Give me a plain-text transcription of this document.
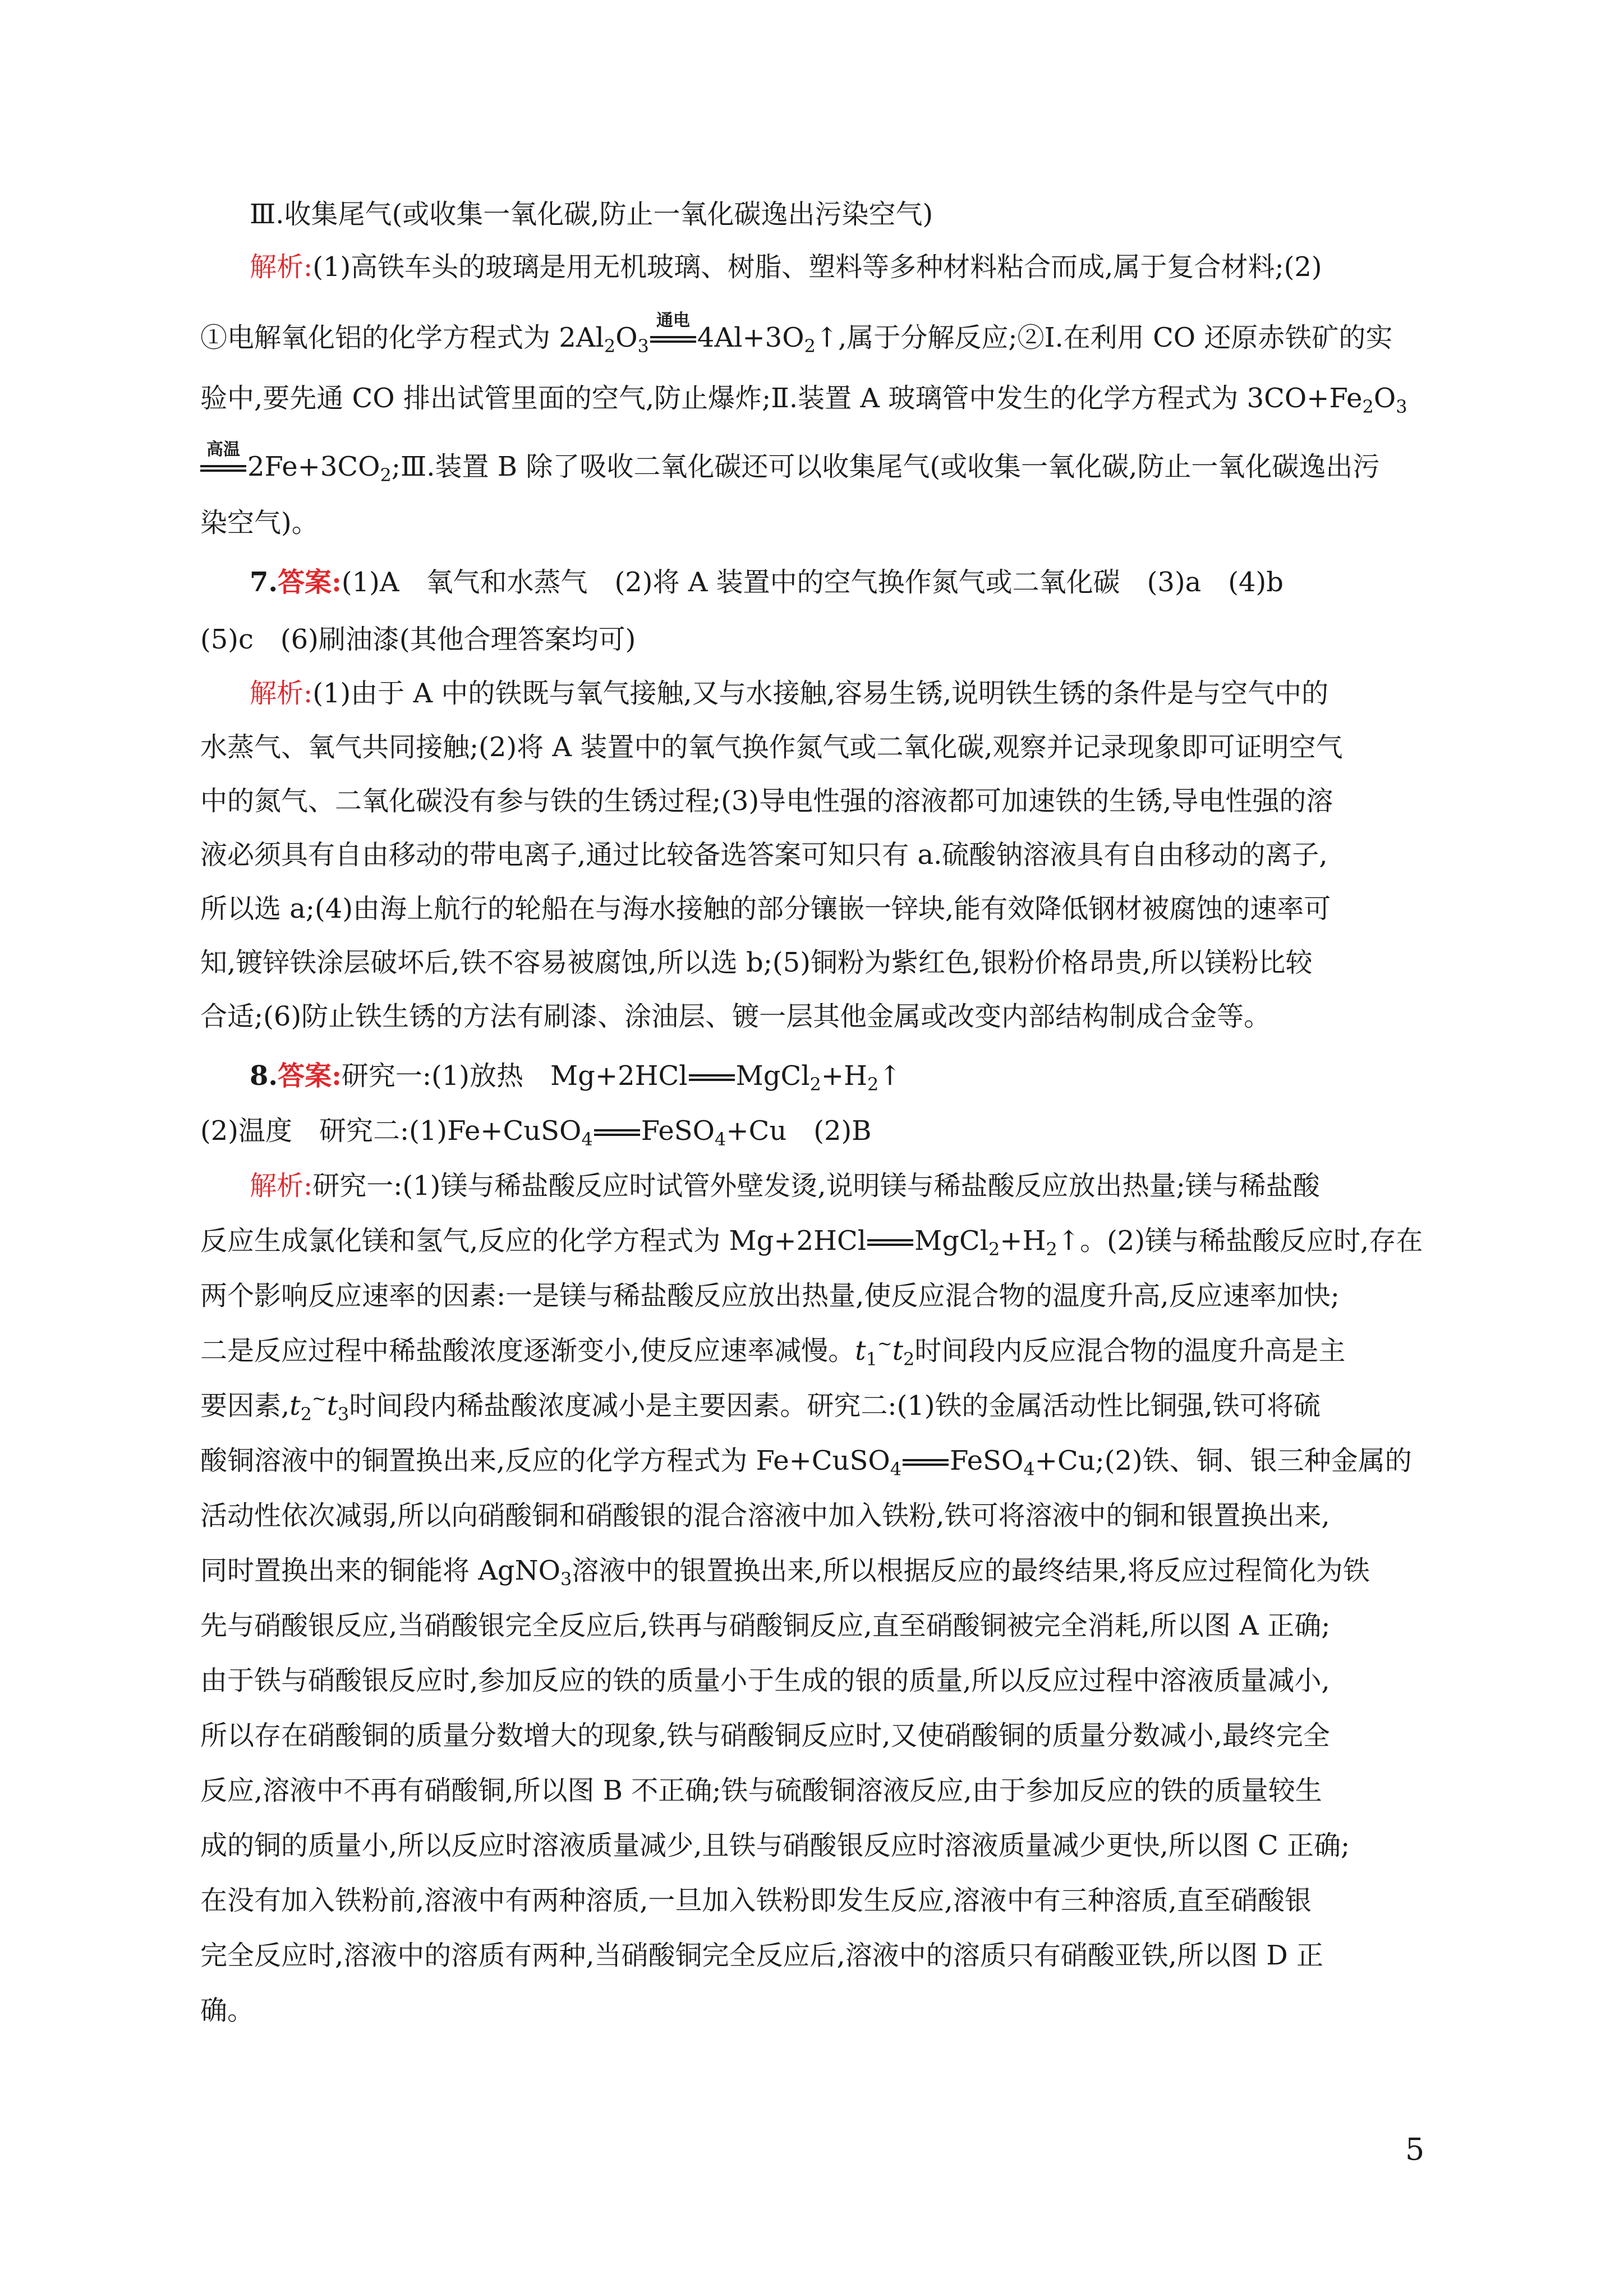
Ⅲ.收集尾气(或收集一氧化碳,防止一氧化碳逸出污染空气)
解析:(1)高铁车头的玻璃是用无机玻璃、树脂、塑料等多种材料粘合而成,属于复合材料;(2)
①电解氧化铝的化学方程式为 $2Al_2O_3$
通电
$4Al+3O_2↑$,属于分解反应;②Ⅰ.在利用 CO 还原赤铁矿的实
验中,要先通 CO 排出试管里面的空气,防止爆炸;Ⅱ.装置 A 玻璃管中发生的化学方程式为 $3CO+Fe_2O_3$
高温
$2Fe+3CO_2;Ⅲ$.装置 B 除了吸收二氧化碳还可以收集尾气(或收集一氧化碳,防止一氧化碳逸出污
染空气)。
7.答案:(1)A　氧气和水蒸气　(2)将 A 装置中的空气换作氮气或二氧化碳　(3)a　(4)b
(5)c　(6)刷油漆(其他合理答案均可)
解析:(1)由于 A 中的铁既与氧气接触,又与水接触,容易生锈,说明铁生锈的条件是与空气中的
水蒸气、氧气共同接触;(2)将 A 装置中的氧气换作氮气或二氧化碳,观察并记录现象即可证明空气
中的氮气、二氧化碳没有参与铁的生锈过程;(3)导电性强的溶液都可加速铁的生锈,导电性强的溶
液必须具有自由移动的带电离子,通过比较备选答案可知只有 a.硫酸钠溶液具有自由移动的离子,
所以选 a;(4)由海上航行的轮船在与海水接触的部分镶嵌一锌块,能有效降低钢材被腐蚀的速率可
知,镀锌铁涂层破坏后,铁不容易被腐蚀,所以选 b;(5)铜粉为紫红色,银粉价格昂贵,所以镁粉比较
合适;(6)防止铁生锈的方法有刷漆、涂油层、镀一层其他金属或改变内部结构制成合金等。
8.答案:研究一:(1)放热　Mg+2HCl $MgCl_2+H_2↑$
(2)温度　研究二:(1)Fe+CuSO$_4$ FeSO$_4$+Cu　(2)B
解析:研究一:(1)镁与稀盐酸反应时试管外壁发烫,说明镁与稀盐酸反应放出热量;镁与稀盐酸
反应生成氯化镁和氢气,反应的化学方程式为 Mg+2HCl $MgCl_2+H_2↑$。(2)镁与稀盐酸反应时,存在
两个影响反应速率的因素:一是镁与稀盐酸反应放出热量,使反应混合物的温度升高,反应速率加快;
二是反应过程中稀盐酸浓度逐渐变小,使反应速率减慢。$t_1^\sim t_2$时间段内反应混合物的温度升高是主
要因素$,t_2^\sim t_3$时间段内稀盐酸浓度减小是主要因素。研究二:(1)铁的金属活动性比铜强,铁可将硫
酸铜溶液中的铜置换出来,反应的化学方程式为 Fe+CuSO$_4$ FeSO$_4$+Cu;(2)铁、铜、银三种金属的
活动性依次减弱,所以向硝酸铜和硝酸银的混合溶液中加入铁粉,铁可将溶液中的铜和银置换出来,
同时置换出来的铜能将 AgNO$_3$溶液中的银置换出来,所以根据反应的最终结果,将反应过程简化为铁
先与硝酸银反应,当硝酸银完全反应后,铁再与硝酸铜反应,直至硝酸铜被完全消耗,所以图 A 正确;
由于铁与硝酸银反应时,参加反应的铁的质量小于生成的银的质量,所以反应过程中溶液质量减小,
所以存在硝酸铜的质量分数增大的现象,铁与硝酸铜反应时,又使硝酸铜的质量分数减小,最终完全
反应,溶液中不再有硝酸铜,所以图 B 不正确;铁与硫酸铜溶液反应,由于参加反应的铁的质量较生
成的铜的质量小,所以反应时溶液质量减少,且铁与硝酸银反应时溶液质量减少更快,所以图 C 正确;
在没有加入铁粉前,溶液中有两种溶质,一旦加入铁粉即发生反应,溶液中有三种溶质,直至硝酸银
完全反应时,溶液中的溶质有两种,当硝酸铜完全反应后,溶液中的溶质只有硝酸亚铁,所以图 D 正
确。
5
